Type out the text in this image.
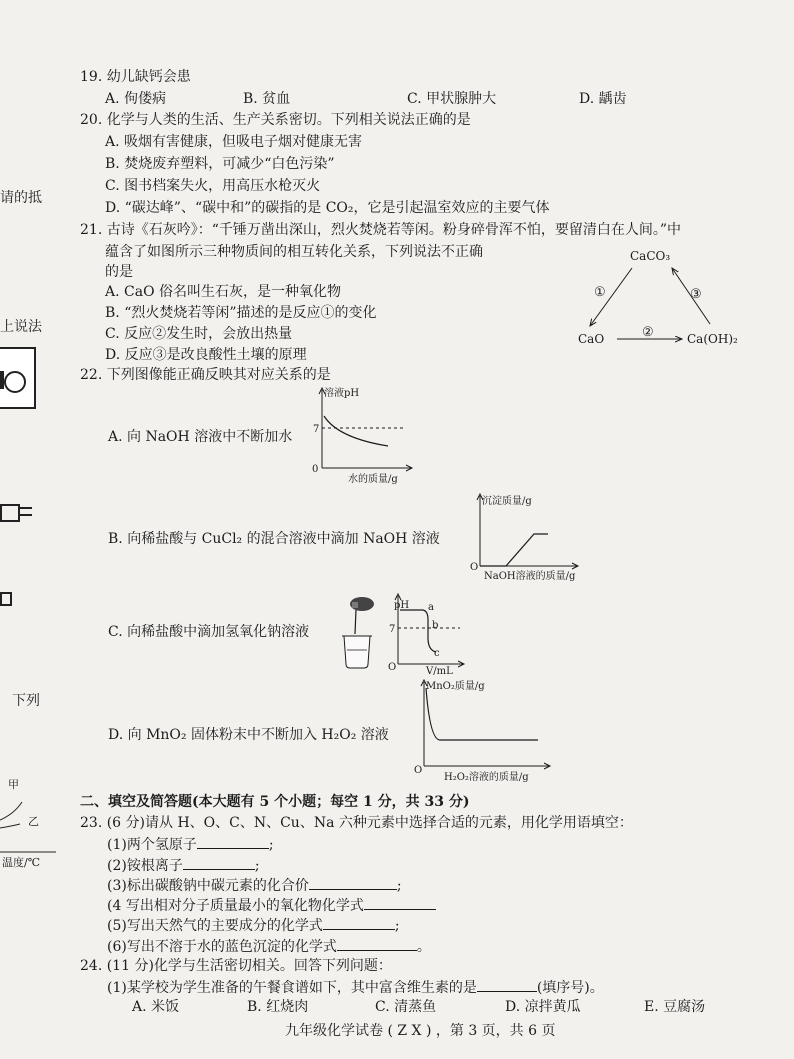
请的抵
上说法
下列
甲
乙
温度/℃
19. 幼儿缺钙会患
A. 佝偻病	B. 贫血	C. 甲状腺肿大	D. 龋齿
20. 化学与人类的生活、生产关系密切。下列相关说法正确的是
A. 吸烟有害健康，但吸电子烟对健康无害
B. 焚烧废弃塑料，可减少“白色污染”
C. 图书档案失火，用高压水枪灭火
D. “碳达峰”、“碳中和”的碳指的是 CO₂，它是引起温室效应的主要气体
21. 古诗《石灰吟》：“千锤万凿出深山，烈火焚烧若等闲。粉身碎骨浑不怕，要留清白在人间。”中
蕴含了如图所示三种物质间的相互转化关系，下列说法不正确
的是
A. CaO 俗名叫生石灰，是一种氧化物
B. “烈火焚烧若等闲”描述的是反应①的变化
C. 反应②发生时，会放出热量
D. 反应③是改良酸性土壤的原理
CaCO₃
CaO	Ca(OH)₂
①
②
③
22. 下列图像能正确反映其对应关系的是
A. 向 NaOH 溶液中不断加水
溶液pH
7
0
水的质量/g
B. 向稀盐酸与 CuCl₂ 的混合溶液中滴加 NaOH 溶液
沉淀质量/g
O
NaOH溶液的质量/g
C. 向稀盐酸中滴加氢氧化钠溶液
pH
7
O	V/mL
a
b
c
D. 向 MnO₂ 固体粉末中不断加入 H₂O₂ 溶液
MnO₂质量/g
O
H₂O₂溶液的质量/g
二、填空及简答题(本大题有 5 个小题；每空 1 分，共 33 分)
23. (6 分)请从 H、O、C、N、Cu、Na 六种元素中选择合适的元素，用化学用语填空：
(1)两个氢原子	;
(2)铵根离子	;
(3)标出碳酸钠中碳元素的化合价	;
(4 写出相对分子质量最小的氧化物化学式
(5)写出天然气的主要成分的化学式	;
(6)写出不溶于水的蓝色沉淀的化学式	。
24. (11 分)化学与生活密切相关。回答下列问题：
(1)某学校为学生准备的午餐食谱如下，其中富含维生素的是	(填序号)。
A. 米饭	B. 红烧肉	C. 清蒸鱼	D. 凉拌黄瓜	E. 豆腐汤
九年级化学试卷 ( Z X ) ，第 3 页，共 6 页
